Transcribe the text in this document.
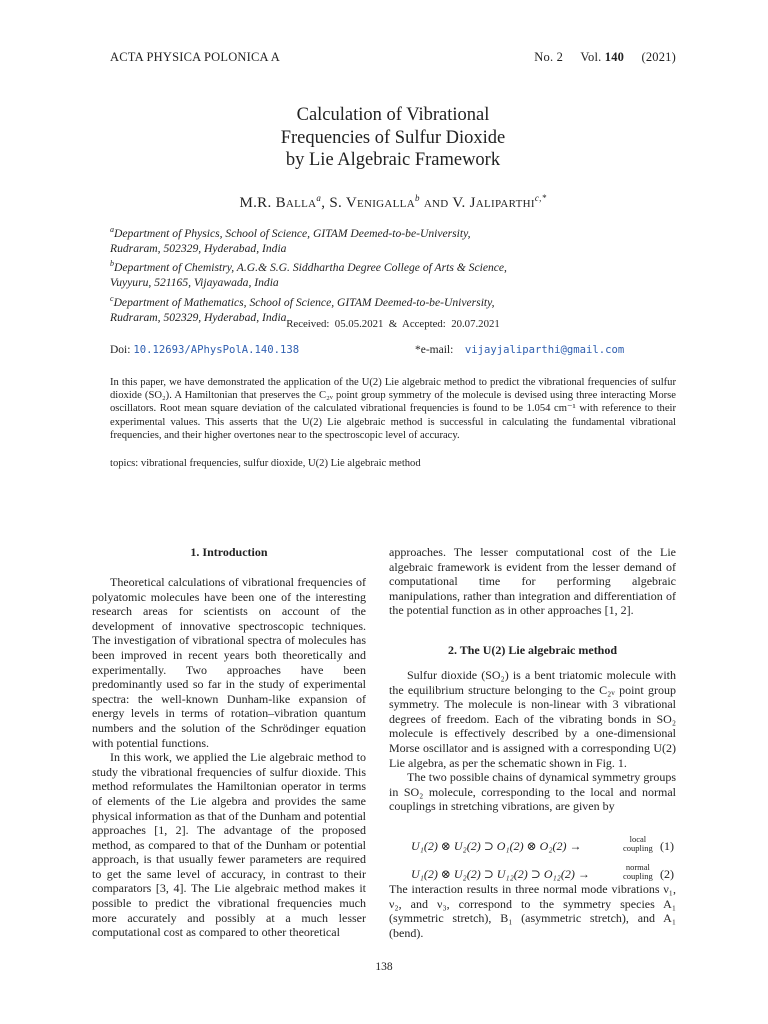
ACTA PHYSICA POLONICA A	No. 2 Vol. 140 (2021)
Calculation of Vibrational
Frequencies of Sulfur Dioxide
by Lie Algebraic Framework
M.R. Balla$^a$, S. Venigalla$^b$ and V. Jaliparthi$^{c,*}$

$^a$Department of Physics, School of Science, GITAM Deemed-to-be-University,

Rudraram, 502329, Hyderabad, India

$^b$Department of Chemistry, A.G.& S.G. Siddhartha Degree College of Arts & Science,

Vuyyuru, 521165, Vijayawada, India

$^c$Department of Mathematics, School of Science, GITAM Deemed-to-be-University,

Rudraram, 502329, Hyderabad, India

Received: 05.05.2021 & Accepted: 20.07.2021
Doi: 10.12693/APhysPolA.140.138	*e-mail: vijayjaliparthi@gmail.com

In this paper, we have demonstrated the application of the U(2) Lie algebraic method to predict the vibrational frequencies of sulfur dioxide (SO₂). A Hamiltonian that preserves the C₂ᵥ point group symmetry of the molecule is devised using three interacting Morse oscillators. Root mean square deviation of the calculated vibrational frequencies is found to be 1.054 cm⁻¹ with reference to their experimental values. This asserts that the U(2) Lie algebraic method is successful in calculating the fundamental vibrational frequencies, and their higher overtones near to the spectroscopic level of accuracy.

topics: vibrational frequencies, sulfur dioxide, U(2) Lie algebraic method
1. Introduction

Theoretical calculations of vibrational frequencies of polyatomic molecules have been one of the interesting research areas for scientists on account of the development of innovative spectroscopic techniques. The investigation of vibrational spectra of molecules has been improved in recent years both theoretically and experimentally. Two approaches have been predominantly used so far in the study of experimental spectra: the well-known Dunham-like expansion of energy levels in terms of rotation–vibration quantum numbers and the solution of the Schrödinger equation with potential functions.

In this work, we applied the Lie algebraic method to study the vibrational frequencies of sulfur dioxide. This method reformulates the Hamiltonian operator in terms of elements of the Lie algebra and provides the same physical information as that of the Dunham and potential approaches [1, 2]. The advantage of the proposed method, as compared to that of the Dunham or potential approach, is that usually fewer parameters are required to get the same level of accuracy, in contrast to their comparators [3, 4]. The Lie algebraic method makes it possible to predict the vibrational frequencies much more accurately and possibly at a much lesser computational cost as compared to other theoretical

approaches. The lesser computational cost of the Lie algebraic framework is evident from the lesser demand of computational time for performing algebraic manipulations, rather than integration and differentiation of the potential function as in other approaches [1, 2].

2. The U(2) Lie algebraic method

Sulfur dioxide (SO₂) is a bent triatomic molecule with the equilibrium structure belonging to the C₂ᵥ point group symmetry. The molecule is non-linear with 3 vibrational degrees of freedom. Each of the vibrating bonds in SO₂ molecule is effectively described by a one-dimensional Morse oscillator and is assigned with a corresponding U(2) Lie algebra, as per the schematic shown in Fig. 1.

The two possible chains of dynamical symmetry groups in SO₂ molecule, corresponding to the local and normal couplings in stretching vibrations, are given by

U₁(2) ⊗ U₂(2) ⊃ O₁(2) ⊗ O₂(2) →	local
coupling (1)
U₁(2) ⊗ U₂(2) ⊃ U₁₂(2) ⊃ O₁₂(2) →	normal
coupling (2)

The interaction results in three normal mode vibrations ν₁, ν₂, and ν₃, correspond to the symmetry species A₁ (symmetric stretch), B₁ (asymmetric stretch), and A₁ (bend).

138
